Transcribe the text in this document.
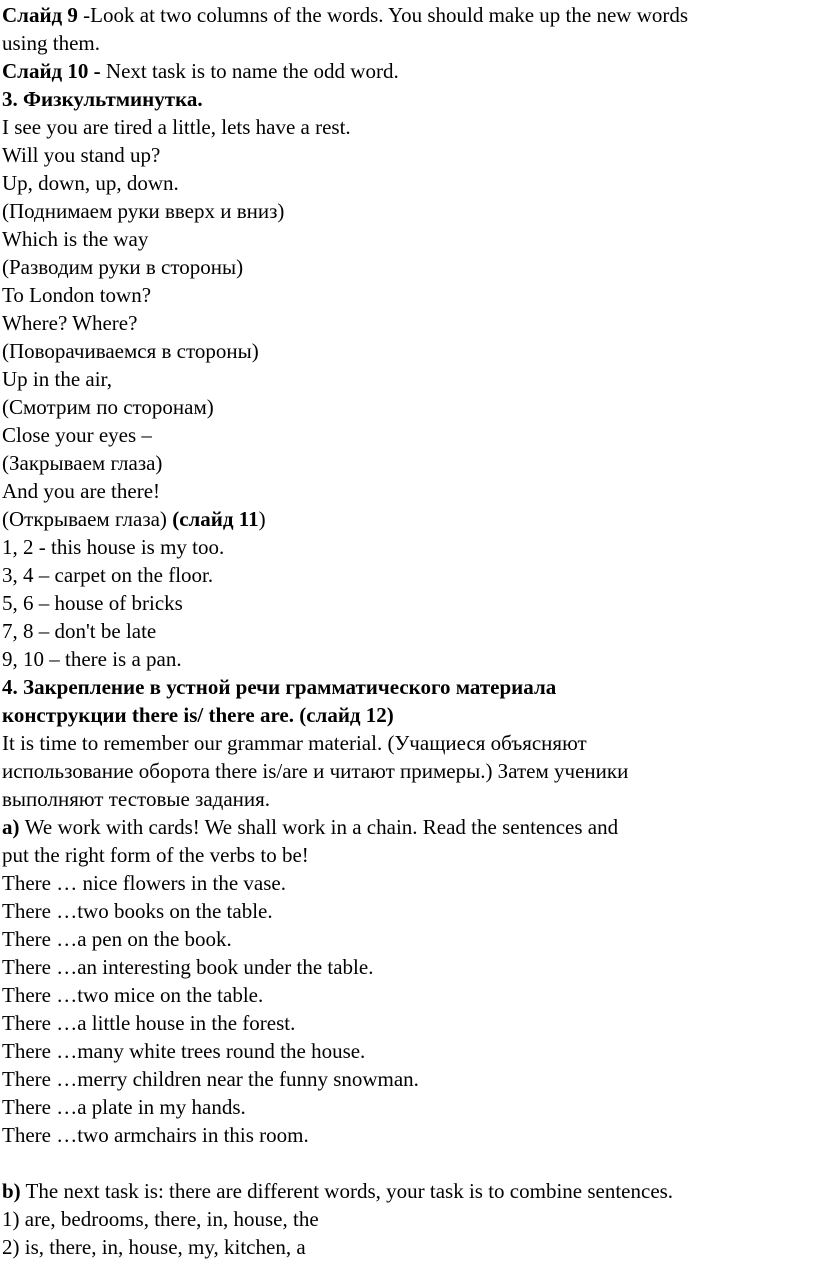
Слайд 9 -Look at two columns of the words. You should make up the new words
using them.
Слайд 10 - Next task is to name the odd word.
3. Физкультминутка.
I see you are tired a little, lets have a rest.
Will you stand up?
Up, down, up, down.
(Поднимаем руки вверх и вниз)
Which is the way
(Разводим руки в стороны)
To London town?
Where? Where?
(Поворачиваемся в стороны)
Up in the air,
(Смотрим по сторонам)
Close your eyes –
(Закрываем глаза)
And you are there!
(Открываем глаза) (слайд 11)
1, 2 - this house is my too.
3, 4 – carpet on the floor.
5, 6 – house of bricks
7, 8 – don't be late
9, 10 – there is a pan.
4. Закрепление в устной речи грамматического материала
конструкции there is/ there are. (слайд 12)
It is time to remember our grammar material. (Учащиеся объясняют
использование оборота there is/are и читают примеры.) Затем ученики
выполняют тестовые задания.
а) We work with cards! We shall work in a chain. Read the sentences and
put the right form of the verbs to be!
There … nice flowers in the vase.
There …two books on the table.
There …a pen on the book.
There …an interesting book under the table.
There …two mice on the table.
There …a little house in the forest.
There …many white trees round the house.
There …merry children near the funny snowman.
There …a plate in my hands.
There …two armchairs in this room.
b) The next task is: there are different words, your task is to combine sentences.
1) are, bedrooms, there, in, house, the
2) is, there, in, house, my, kitchen, a
